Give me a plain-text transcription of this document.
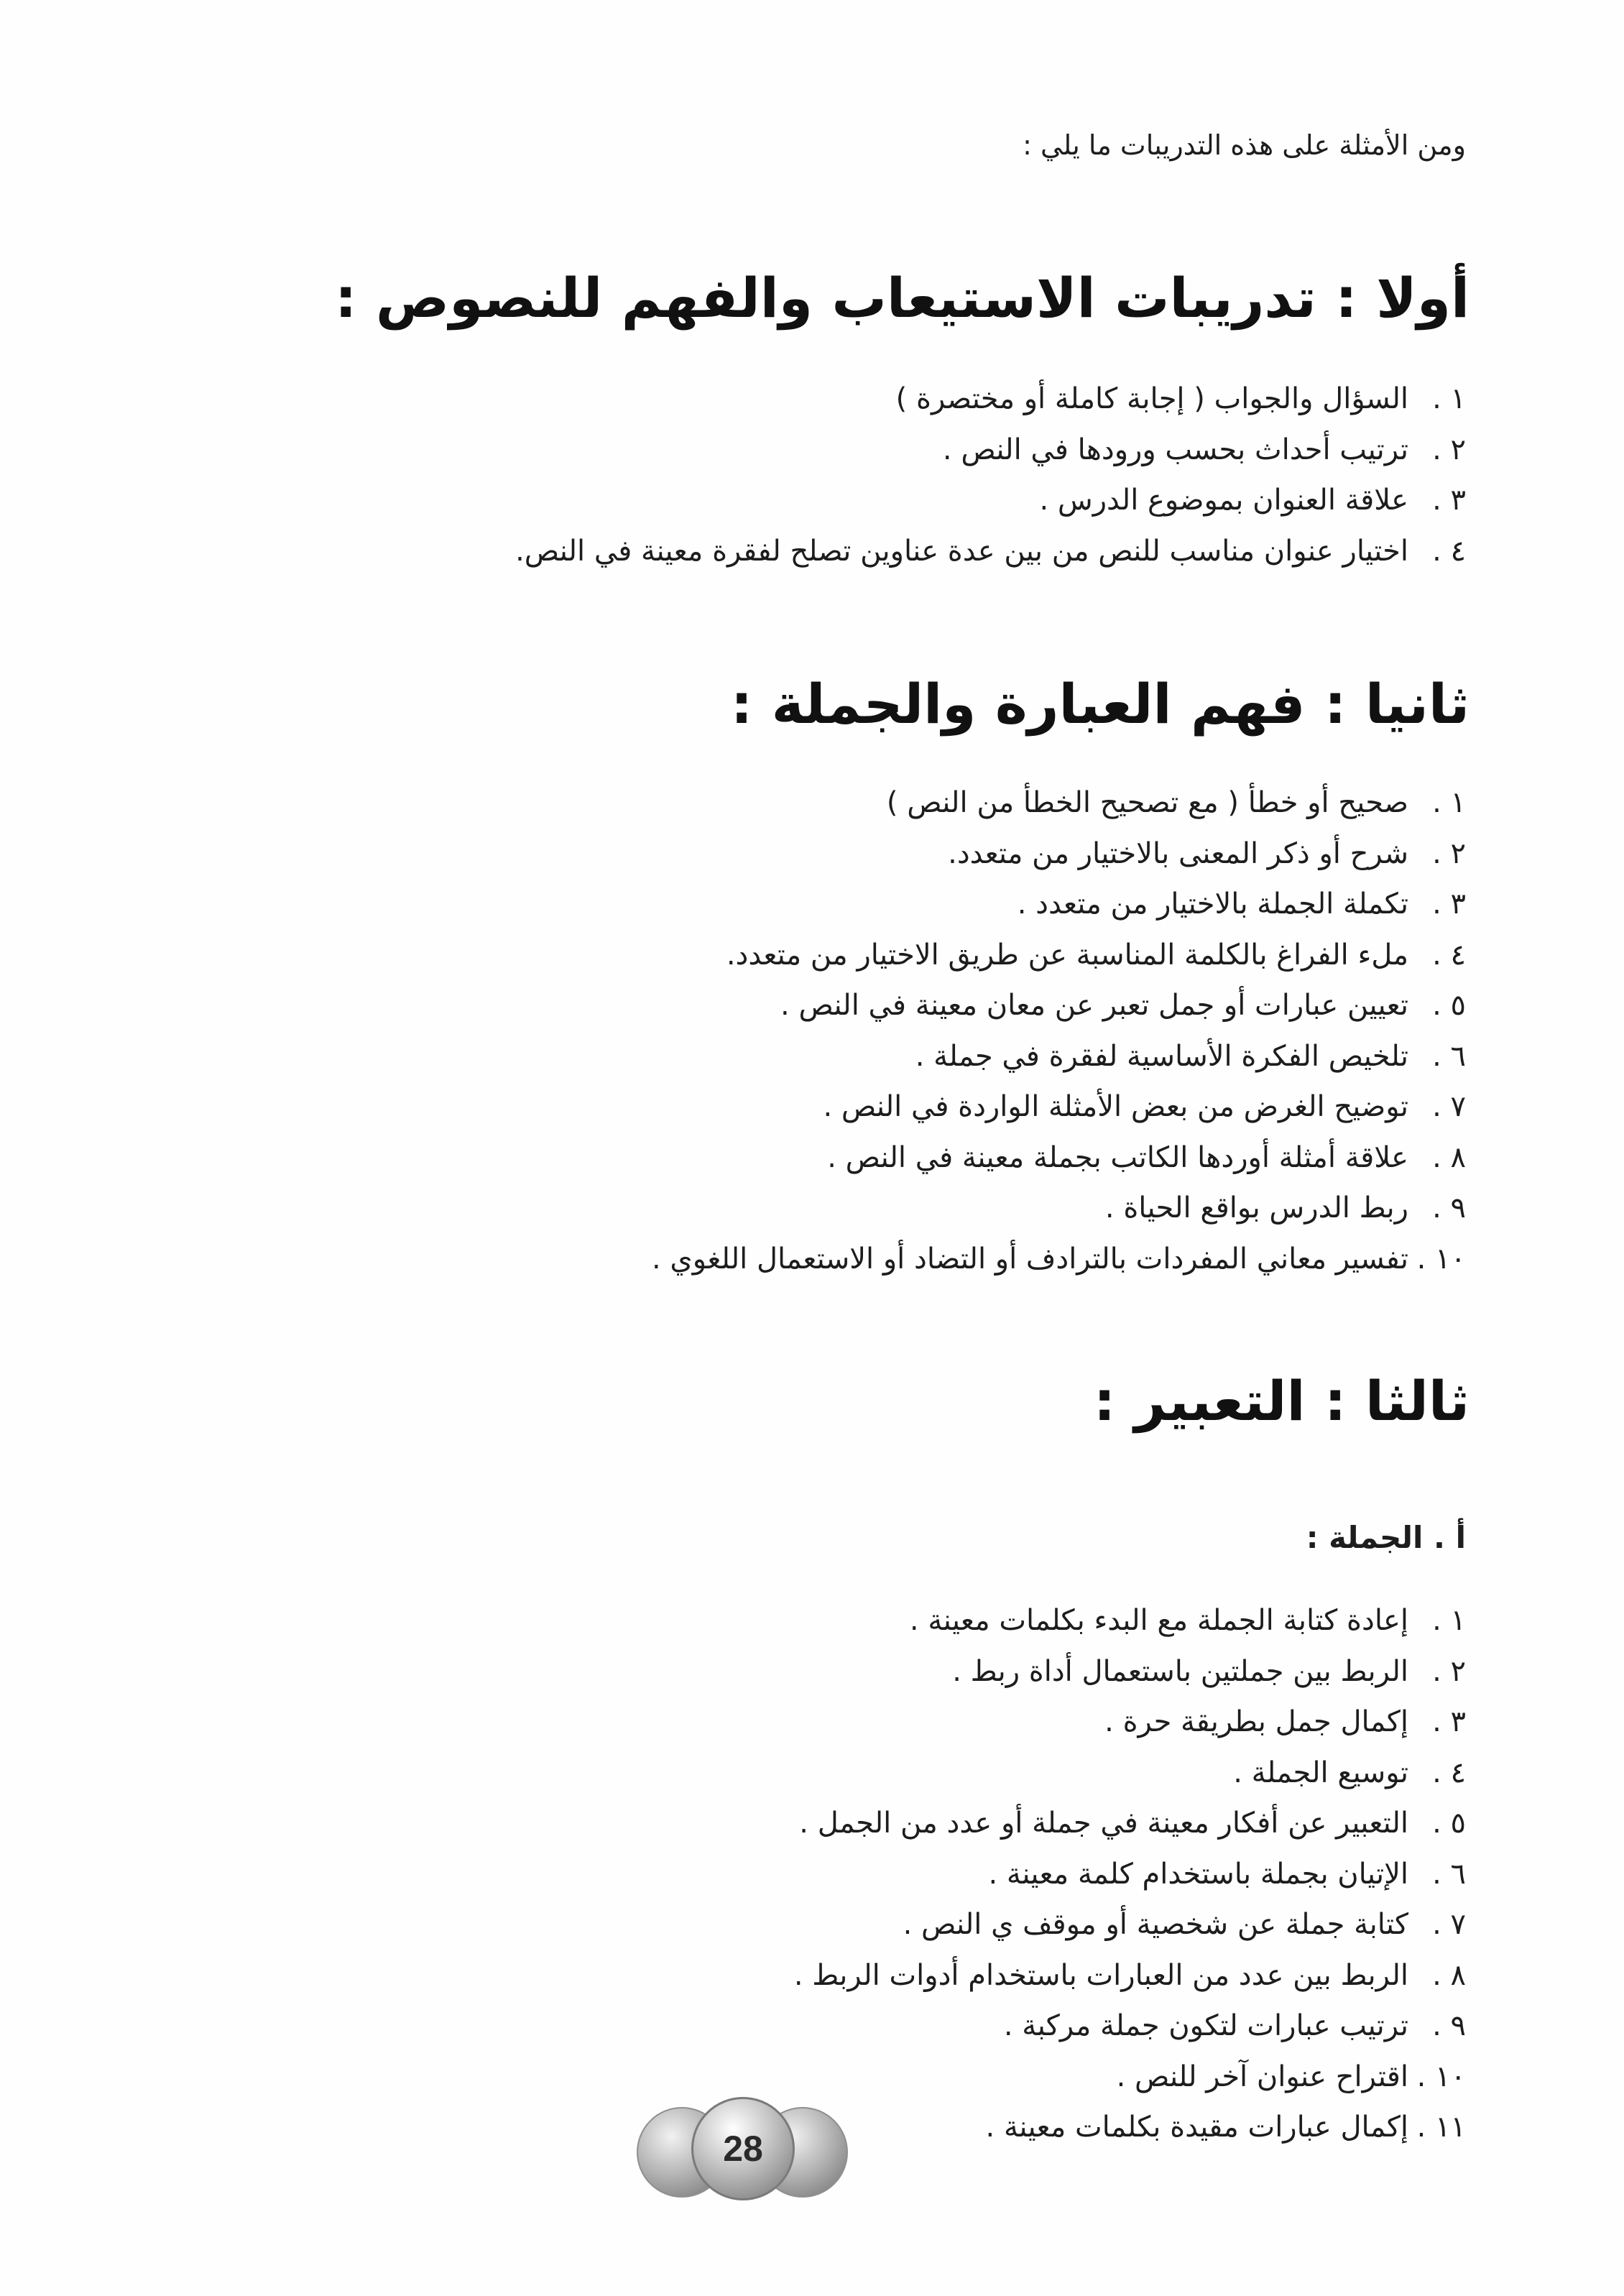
ومن الأمثلة على هذه التدريبات ما يلي :
أولا : تدريبات الاستيعاب والفهم للنصوص :
١ .
السؤال والجواب ( إجابة كاملة أو مختصرة )
٢ .
ترتيب أحداث بحسب ورودها في النص .
٣ .
علاقة العنوان بموضوع الدرس .
٤ .
اختيار عنوان مناسب للنص من بين عدة عناوين تصلح لفقرة معينة في النص.
ثانيا : فهم العبارة والجملة :
١ .
صحيح أو خطأ ( مع تصحيح الخطأ من النص )
٢ .
شرح أو ذكر المعنى بالاختيار من متعدد.
٣ .
تكملة الجملة بالاختيار من متعدد .
٤ .
ملء الفراغ بالكلمة المناسبة عن طريق الاختيار من متعدد.
٥ .
تعيين عبارات أو جمل تعبر عن معان معينة في النص .
٦ .
تلخيص الفكرة الأساسية لفقرة في جملة .
٧ .
توضيح الغرض من بعض الأمثلة الواردة في النص .
٨ .
علاقة أمثلة أوردها الكاتب بجملة معينة في النص .
٩ .
ربط الدرس بواقع الحياة .
١٠ .
تفسير معاني المفردات بالترادف أو التضاد أو الاستعمال اللغوي .
ثالثا : التعبير :
أ . الجملة :
١ .
إعادة كتابة الجملة مع البدء بكلمات معينة .
٢ .
الربط بين جملتين باستعمال أداة ربط .
٣ .
إكمال جمل بطريقة حرة .
٤ .
توسيع الجملة .
٥ .
التعبير عن أفكار معينة في جملة أو عدد من الجمل .
٦ .
الإتيان بجملة باستخدام كلمة معينة .
٧ .
كتابة جملة عن شخصية أو موقف ي النص .
٨ .
الربط بين عدد من العبارات باستخدام أدوات الربط .
٩ .
ترتيب عبارات لتكون جملة مركبة .
١٠ .
اقتراح عنوان آخر للنص .
١١ .
إكمال عبارات مقيدة بكلمات معينة .
28
